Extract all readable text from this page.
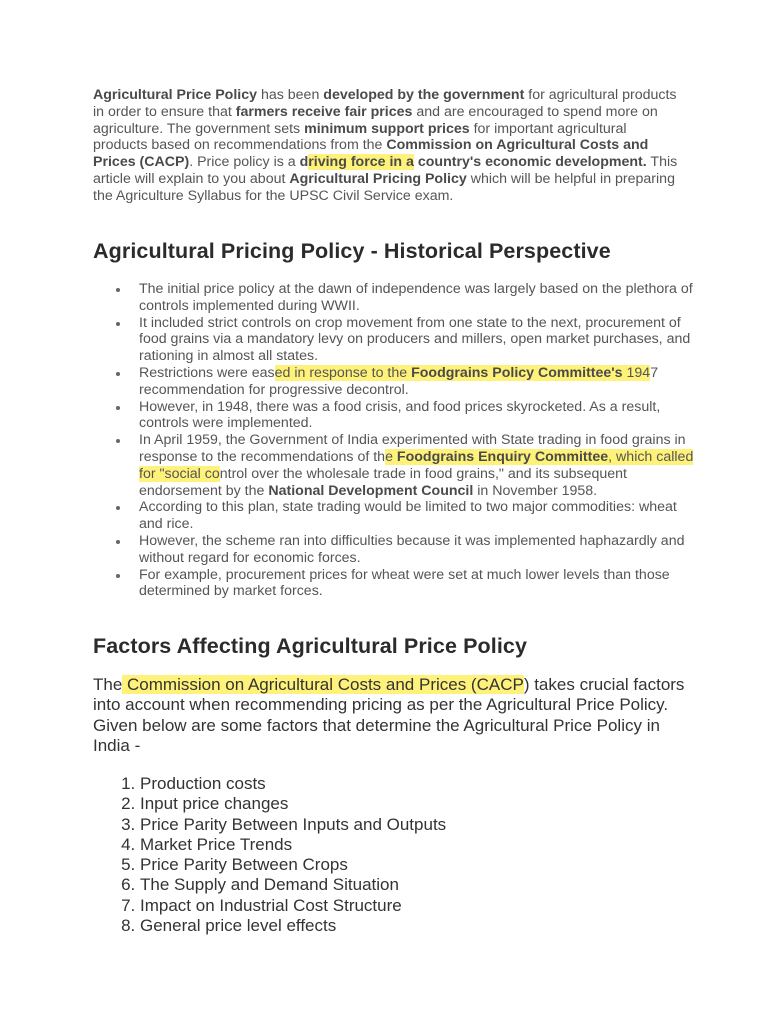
Agricultural Price Policy has been developed by the government for agricultural products in order to ensure that farmers receive fair prices and are encouraged to spend more on agriculture. The government sets minimum support prices for important agricultural products based on recommendations from the Commission on Agricultural Costs and Prices (CACP). Price policy is a driving force in a country's economic development. This article will explain to you about Agricultural Pricing Policy which will be helpful in preparing the Agriculture Syllabus for the UPSC Civil Service exam.

Agricultural Pricing Policy - Historical Perspective
The initial price policy at the dawn of independence was largely based on the plethora of controls implemented during WWII.
It included strict controls on crop movement from one state to the next, procurement of food grains via a mandatory levy on producers and millers, open market purchases, and rationing in almost all states.
Restrictions were eased in response to the Foodgrains Policy Committee's 1947 recommendation for progressive decontrol.
However, in 1948, there was a food crisis, and food prices skyrocketed. As a result, controls were implemented.
In April 1959, the Government of India experimented with State trading in food grains in response to the recommendations of the Foodgrains Enquiry Committee, which called for "social control over the wholesale trade in food grains," and its subsequent endorsement by the National Development Council in November 1958.
According to this plan, state trading would be limited to two major commodities: wheat and rice.
However, the scheme ran into difficulties because it was implemented haphazardly and without regard for economic forces.
For example, procurement prices for wheat were set at much lower levels than those determined by market forces.
Factors Affecting Agricultural Price Policy

The Commission on Agricultural Costs and Prices (CACP) takes crucial factors into account when recommending pricing as per the Agricultural Price Policy. Given below are some factors that determine the Agricultural Price Policy in India -

1. Production costs
2. Input price changes
3. Price Parity Between Inputs and Outputs
4. Market Price Trends
5. Price Parity Between Crops
6. The Supply and Demand Situation
7. Impact on Industrial Cost Structure
8. General price level effects
